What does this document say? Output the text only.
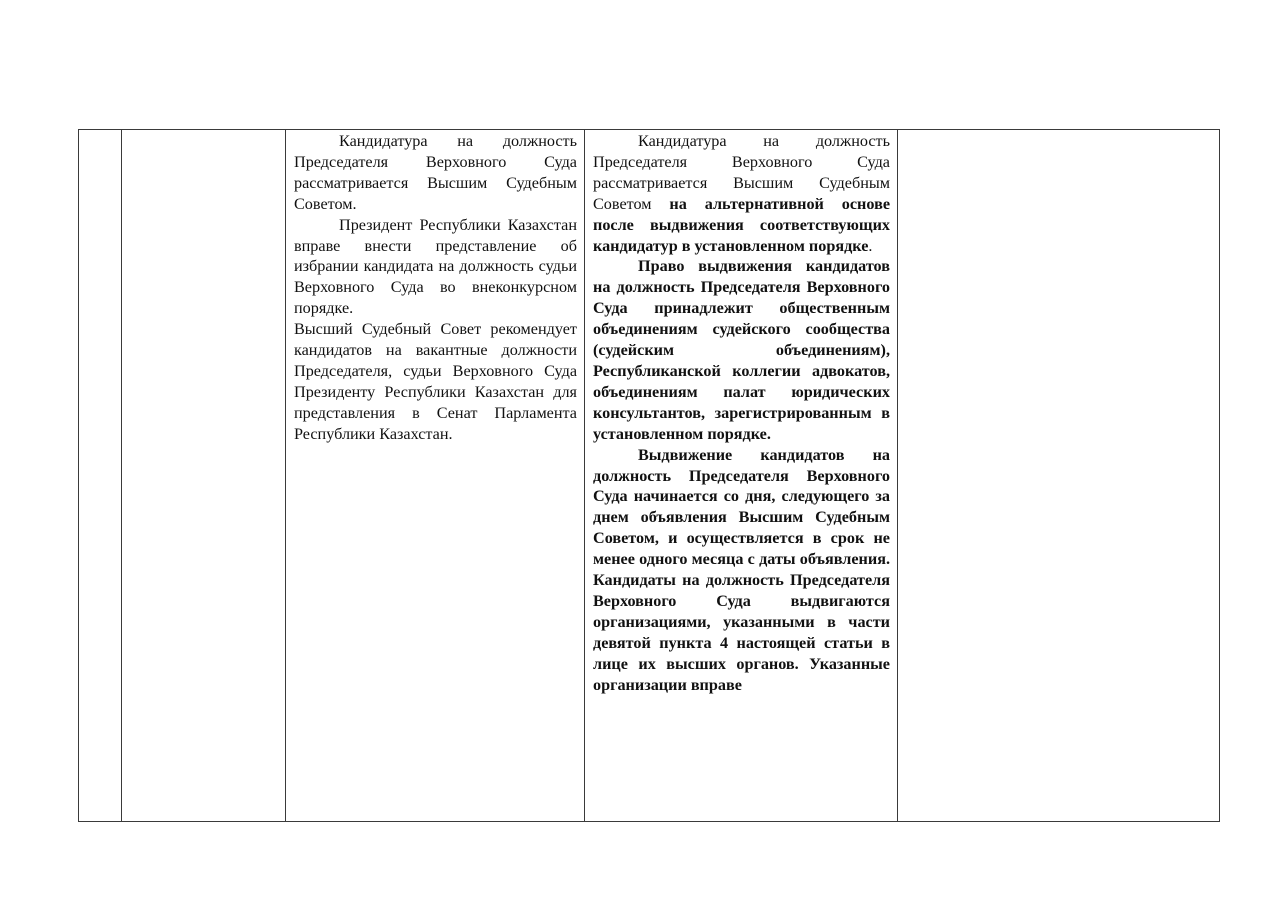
Кандидатура на должность Председателя Верховного Суда рассматривается Высшим Судебным Советом.

Президент Республики Казахстан вправе внести представление об избрании кандидата на должность судьи Верховного Суда во внеконкурсном порядке.

Высший Судебный Совет рекомендует кандидатов на вакантные должности Председателя, судьи Верховного Суда Президенту Республики Казахстан для представления в Сенат Парламента Республики Казахстан.

Кандидатура на должность Председателя Верховного Суда рассматривается Высшим Судебным Советом на альтернативной основе после выдвижения соответствующих кандидатур в установленном порядке.

Право выдвижения кандидатов на должность Председателя Верховного Суда принадлежит общественным объединениям судейского сообщества (судейским объединениям), Республиканской коллегии адвокатов, объединениям палат юридических консультантов, зарегистрированным в установленном порядке.

Выдвижение кандидатов на должность Председателя Верховного Суда начинается со дня, следующего за днем объявления Высшим Судебным Советом, и осуществляется в срок не менее одного месяца с даты объявления. Кандидаты на должность Председателя Верховного Суда выдвигаются организациями, указанными в части девятой пункта 4 настоящей статьи в лице их высших органов. Указанные организации вправе
